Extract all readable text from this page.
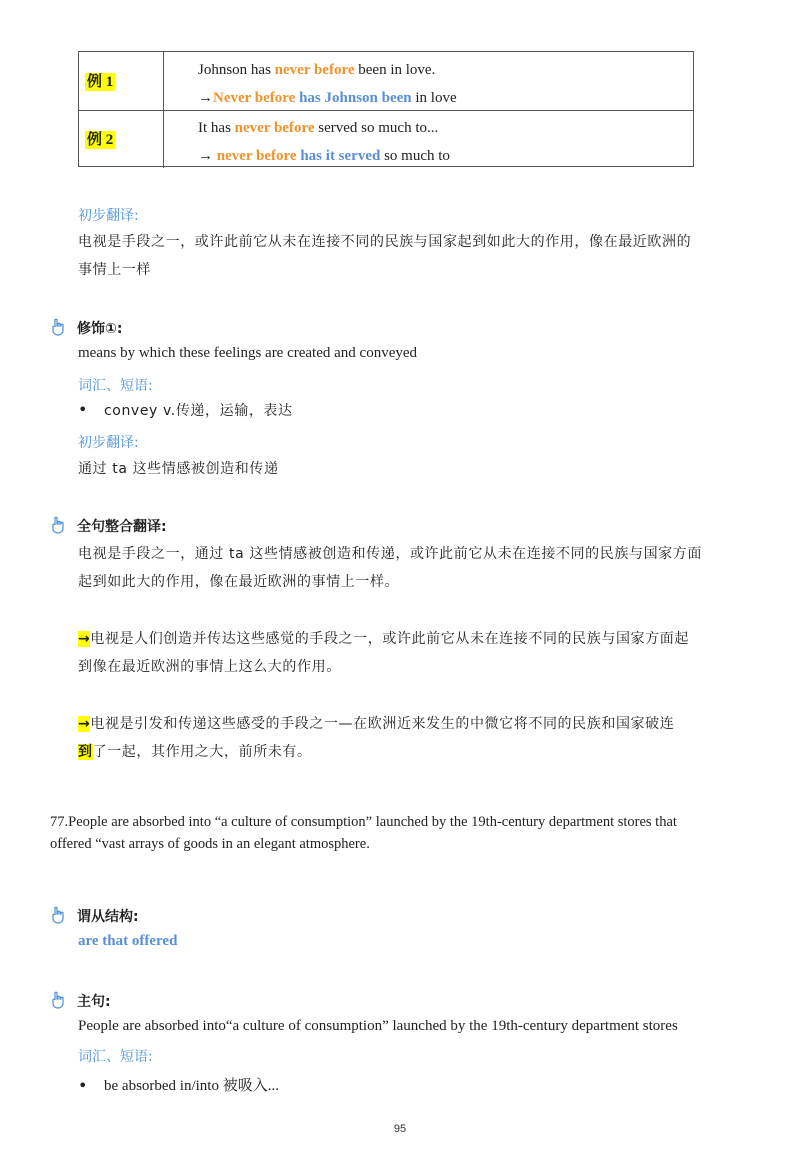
例 1
Johnson has never before been in love.
→Never before has Johnson been in love
例 2
It has never before served so much to...
→ never before has it served so much to
初步翻译:
电视是手段之一，或许此前它从未在连接不同的民族与国家起到如此大的作用，像在最近欧洲的
事情上一样
修饰①:
means by which these feelings are created and conveyed
词汇、短语:
• convey v.传递，运输，表达
初步翻译:
通过 ta 这些情感被创造和传递
全句整合翻译:
电视是手段之一，通过 ta 这些情感被创造和传递，或许此前它从未在连接不同的民族与国家方面
起到如此大的作用，像在最近欧洲的事情上一样。
→电视是人们创造并传达这些感觉的手段之一，或许此前它从未在连接不同的民族与国家方面起
到像在最近欧洲的事情上这么大的作用。
→电视是引发和传递这些感受的手段之一—在欧洲近来发生的中微它将不同的民族和国家破连
到了一起，其作用之大，前所未有。
77.People are absorbed into “a culture of consumption” launched by the 19th-century department stores that
offered “vast arrays of goods in an elegant atmosphere.
谓从结构:
are that offered
主句:
People are absorbed into“a culture of consumption” launched by the 19th-century department stores
词汇、短语:
• be absorbed in/into 被吸入...
95
